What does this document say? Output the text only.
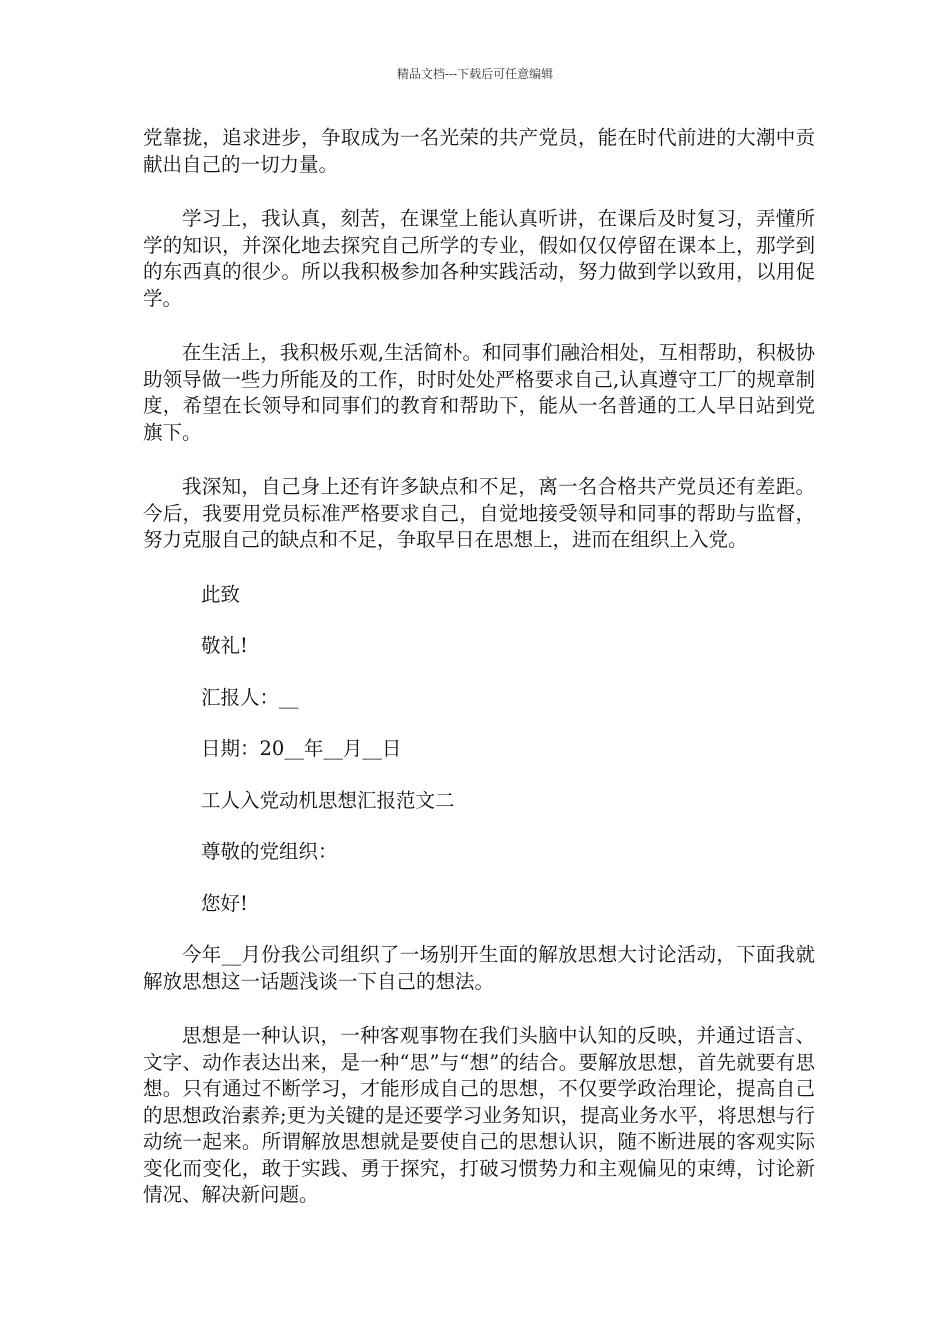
精品文档---下载后可任意编辑

党靠拢，追求进步，争取成为一名光荣的共产党员，能在时代前进的大潮中贡献出自己的一切力量。

学习上，我认真，刻苦，在课堂上能认真听讲，在课后及时复习，弄懂所学的知识，并深化地去探究自己所学的专业，假如仅仅停留在课本上，那学到的东西真的很少。所以我积极参加各种实践活动，努力做到学以致用，以用促学。

在生活上，我积极乐观,生活简朴。和同事们融洽相处，互相帮助，积极协助领导做一些力所能及的工作，时时处处严格要求自己,认真遵守工厂的规章制度，希望在长领导和同事们的教育和帮助下，能从一名普通的工人早日站到党旗下。

我深知，自己身上还有许多缺点和不足，离一名合格共产党员还有差距。今后，我要用党员标准严格要求自己，自觉地接受领导和同事的帮助与监督，努力克服自己的缺点和不足，争取早日在思想上，进而在组织上入党。

此致
敬礼!
汇报人：__
日期：20__年__月__日
工人入党动机思想汇报范文二
尊敬的党组织：
您好!

今年__月份我公司组织了一场别开生面的解放思想大讨论活动，下面我就解放思想这一话题浅谈一下自己的想法。

思想是一种认识，一种客观事物在我们头脑中认知的反映，并通过语言、文字、动作表达出来，是一种“思”与“想”的结合。要解放思想，首先就要有思想。只有通过不断学习，才能形成自己的思想，不仅要学政治理论，提高自己的思想政治素养;更为关键的是还要学习业务知识，提高业务水平，将思想与行动统一起来。所谓解放思想就是要使自己的思想认识，随不断进展的客观实际变化而变化，敢于实践、勇于探究，打破习惯势力和主观偏见的束缚，讨论新情况、解决新问题。
